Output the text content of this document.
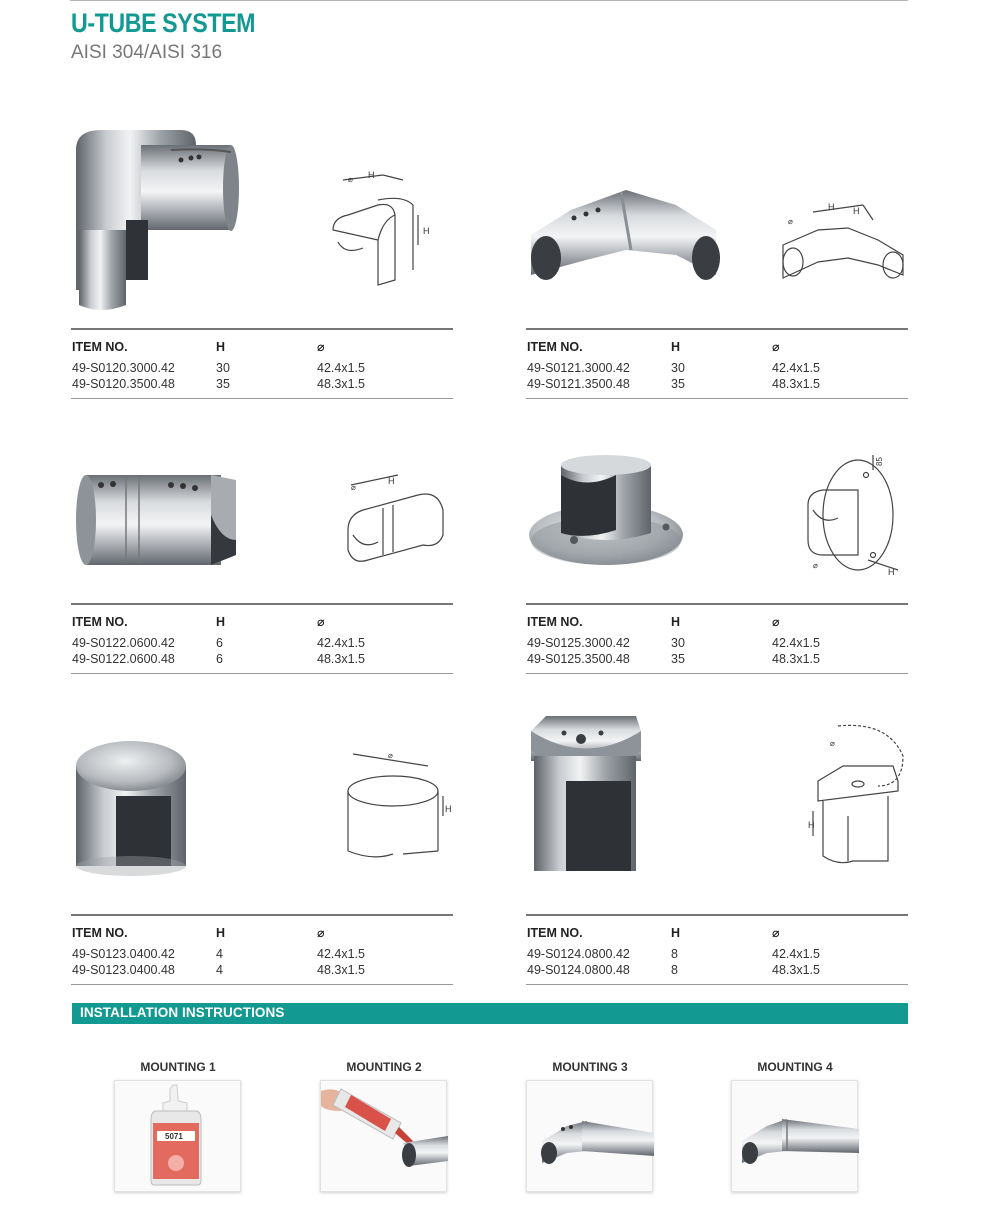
U-TUBE SYSTEM
AISI 304/AISI 316
H
H
⌀
ITEM NO.	H	⌀
49-S0120.3000.42	30	42.4x1.5
49-S0120.3500.48	35	48.3x1.5
H H
⌀
ITEM NO.	H	⌀
49-S0121.3000.42	30	42.4x1.5
49-S0121.3500.48	35	48.3x1.5
H
⌀
ITEM NO.	H	⌀
49-S0122.0600.42	6	42.4x1.5
49-S0122.0600.48	6	48.3x1.5
85
H
⌀
ITEM NO.	H	⌀
49-S0125.3000.42	30	42.4x1.5
49-S0125.3500.48	35	48.3x1.5
⌀
H
ITEM NO.	H	⌀
49-S0123.0400.42	4	42.4x1.5
49-S0123.0400.48	4	48.3x1.5
⌀
H
ITEM NO.	H	⌀
49-S0124.0800.42	8	42.4x1.5
49-S0124.0800.48	8	48.3x1.5
INSTALLATION INSTRUCTIONS
MOUNTING 1
5071
MOUNTING 2	MOUNTING 3	MOUNTING 4
